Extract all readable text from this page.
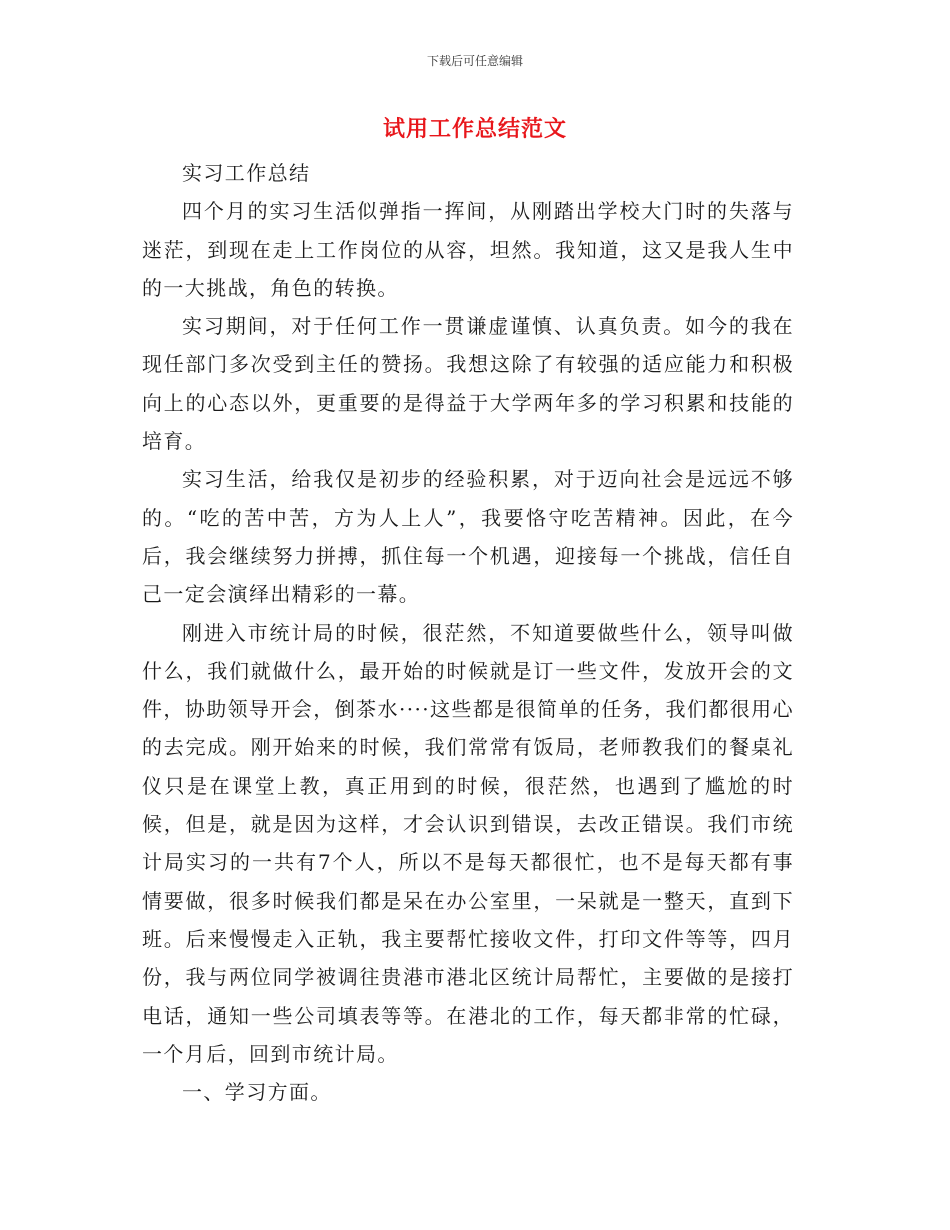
下载后可任意编辑
试用工作总结范文

实习工作总结

四个月的实习生活似弹指一挥间，从刚踏出学校大门时的失落与迷茫，到现在走上工作岗位的从容，坦然。我知道，这又是我人生中的一大挑战，角色的转换。

实习期间，对于任何工作一贯谦虚谨慎、认真负责。如今的我在现任部门多次受到主任的赞扬。我想这除了有较强的适应能力和积极向上的心态以外，更重要的是得益于大学两年多的学习积累和技能的培育。

实习生活，给我仅是初步的经验积累，对于迈向社会是远远不够的。“吃的苦中苦，方为人上人”，我要恪守吃苦精神。因此，在今后，我会继续努力拼搏，抓住每一个机遇，迎接每一个挑战，信任自己一定会演绎出精彩的一幕。

刚进入市统计局的时候，很茫然，不知道要做些什么，领导叫做什么，我们就做什么，最开始的时候就是订一些文件，发放开会的文件，协助领导开会，倒茶水····这些都是很简单的任务，我们都很用心的去完成。刚开始来的时候，我们常常有饭局，老师教我们的餐桌礼仪只是在课堂上教，真正用到的时候，很茫然，也遇到了尴尬的时候，但是，就是因为这样，才会认识到错误，去改正错误。我们市统计局实习的一共有7个人，所以不是每天都很忙，也不是每天都有事情要做，很多时候我们都是呆在办公室里，一呆就是一整天，直到下班。后来慢慢走入正轨，我主要帮忙接收文件，打印文件等等，四月份，我与两位同学被调往贵港市港北区统计局帮忙，主要做的是接打电话，通知一些公司填表等等。在港北的工作，每天都非常的忙碌，一个月后，回到市统计局。

一、学习方面。
